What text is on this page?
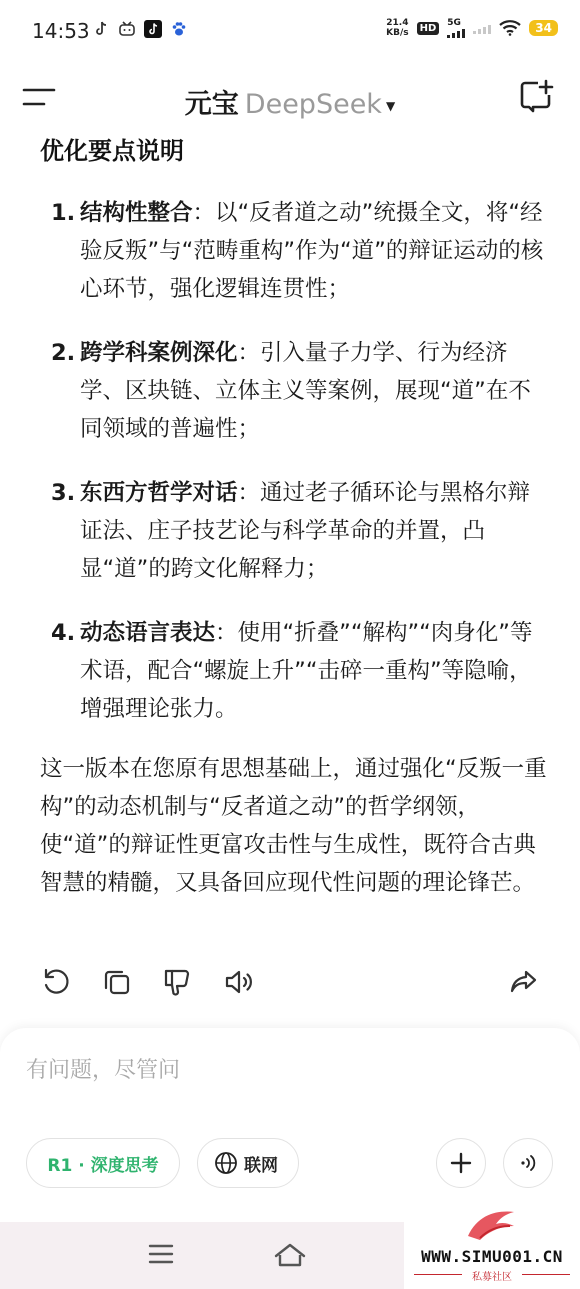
14:53	21.4
KB/s	HD	5G	34
元宝 DeepSeek ▼
优化要点说明
1. 结构性整合：以“反者道之动”统摄全文，将“经验反叛”与“范畴重构”作为“道”的辩证运动的核心环节，强化逻辑连贯性；
2. 跨学科案例深化：引入量子力学、行为经济学、区块链、立体主义等案例，展现“道”在不同领域的普遍性；
3. 东西方哲学对话：通过老子循环论与黑格尔辩证法、庄子技艺论与科学革命的并置，凸显“道”的跨文化解释力；
4. 动态语言表达：使用“折叠”“解构”“肉身化”等术语，配合“螺旋上升”“击碎一重构”等隐喻，增强理论张力。

这一版本在您原有思想基础上，通过强化“反叛一重构”的动态机制与“反者道之动”的哲学纲领，使“道”的辩证性更富攻击性与生成性，既符合古典智慧的精髓，又具备回应现代性问题的理论锋芒。

有问题，尽管问
R1 · 深度思考	联网
WWW.SIMU001.CN
私募社区
